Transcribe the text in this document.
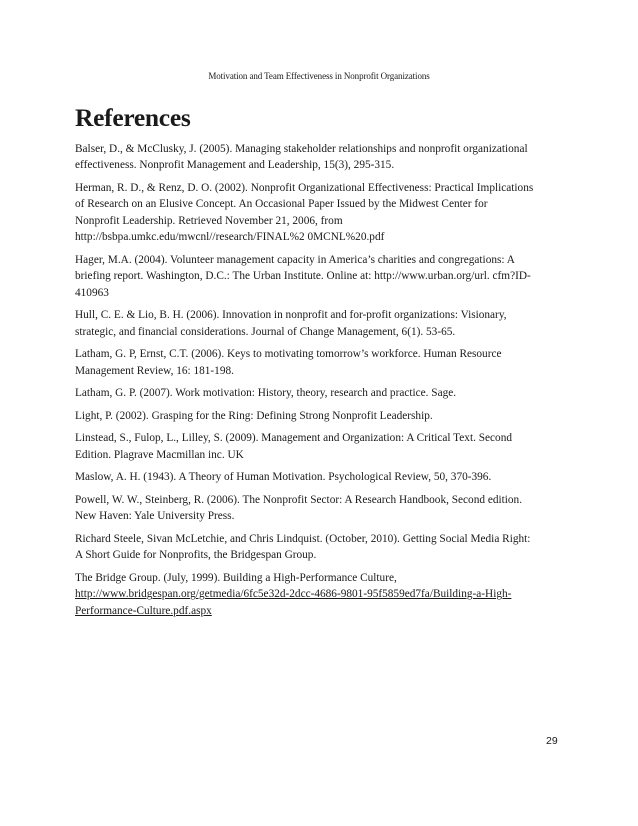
Motivation and Team Effectiveness in Nonprofit Organizations
References
Balser, D., & McClusky, J. (2005). Managing stakeholder relationships and nonprofit organizational
effectiveness. Nonprofit Management and Leadership, 15(3), 295-315.
Herman, R. D., & Renz, D. O. (2002). Nonprofit Organizational Effectiveness: Practical Implications
of Research on an Elusive Concept. An Occasional Paper Issued by the Midwest Center for
Nonprofit Leadership. Retrieved November 21, 2006, from
http://bsbpa.umkc.edu/mwcnl//research/FINAL%2 0MCNL%20.pdf
Hager, M.A. (2004). Volunteer management capacity in America’s charities and congregations: A
briefing report. Washington, D.C.: The Urban Institute. Online at: http://www.urban.org/url. cfm?ID-
410963
Hull, C. E. & Lio, B. H. (2006). Innovation in nonprofit and for-profit organizations: Visionary,
strategic, and financial considerations. Journal of Change Management, 6(1). 53-65.
Latham, G. P, Ernst, C.T. (2006). Keys to motivating tomorrow’s workforce. Human Resource
Management Review, 16: 181-198.
Latham, G. P. (2007). Work motivation: History, theory, research and practice. Sage.
Light, P. (2002). Grasping for the Ring: Defining Strong Nonprofit Leadership.
Linstead, S., Fulop, L., Lilley, S. (2009). Management and Organization: A Critical Text. Second
Edition. Plagrave Macmillan inc. UK
Maslow, A. H. (1943). A Theory of Human Motivation. Psychological Review, 50, 370-396.
Powell, W. W., Steinberg, R. (2006). The Nonprofit Sector: A Research Handbook, Second edition.
New Haven: Yale University Press.
Richard Steele, Sivan McLetchie, and Chris Lindquist. (October, 2010). Getting Social Media Right:
A Short Guide for Nonprofits, the Bridgespan Group.
The Bridge Group. (July, 1999). Building a High-Performance Culture,
http://www.bridgespan.org/getmedia/6fc5e32d-2dcc-4686-9801-95f5859ed7fa/Building-a-High-
Performance-Culture.pdf.aspx
29
